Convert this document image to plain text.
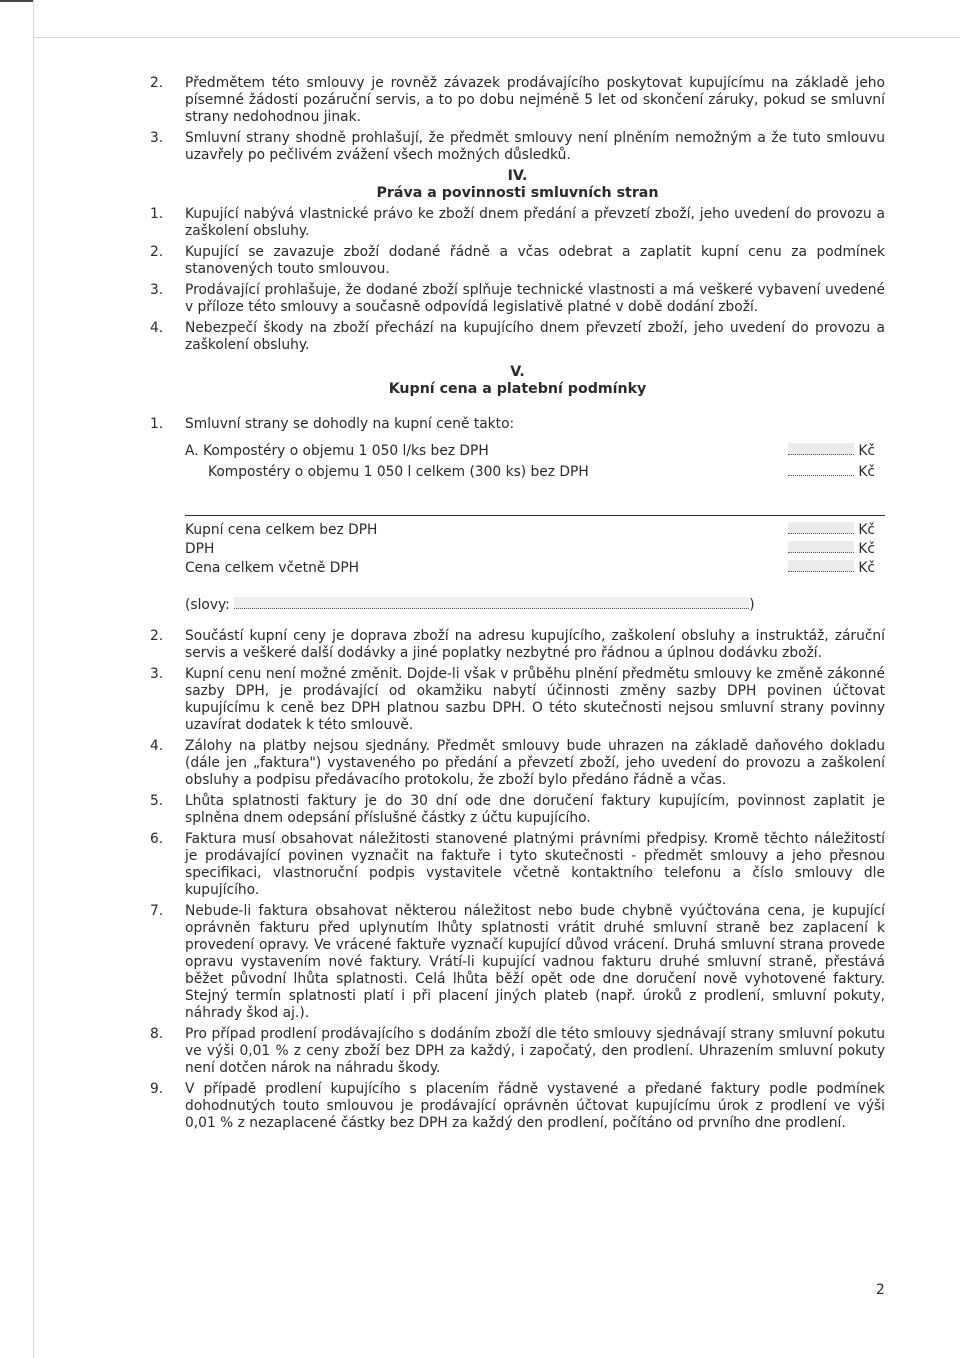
2.	Předmětem této smlouvy je rovněž závazek prodávajícího poskytovat kupujícímu na základě jeho písemné žádosti pozáruční servis, a to po dobu nejméně 5 let od skončení záruky, pokud se smluvní strany nedohodnou jinak.
3.	Smluvní strany shodně prohlašují, že předmět smlouvy není plněním nemožným a že tuto smlouvu uzavřely po pečlivém zvážení všech možných důsledků.

IV.

Práva a povinnosti smluvních stran

1.	Kupující nabývá vlastnické právo ke zboží dnem předání a převzetí zboží, jeho uvedení do provozu a zaškolení obsluhy.
2.	Kupující se zavazuje zboží dodané řádně a včas odebrat a zaplatit kupní cenu za podmínek stanovených touto smlouvou.
3.	Prodávající prohlašuje, že dodané zboží splňuje technické vlastnosti a má veškeré vybavení uvedené v příloze této smlouvy a současně odpovídá legislativě platné v době dodání zboží.
4.	Nebezpečí škody na zboží přechází na kupujícího dnem převzetí zboží, jeho uvedení do provozu a zaškolení obsluhy.

V.

Kupní cena a platební podmínky

1.	Smluvní strany se dohodly na kupní ceně takto:
A. Kompostéry o objemu 1 050 l/ks bez DPH	Kč
Kompostéry o objemu 1 050 l celkem (300 ks) bez DPH	Kč
Kupní cena celkem bez DPH	Kč
DPH	Kč
Cena celkem včetně DPH	Kč
(slovy:	)
2.	Součástí kupní ceny je doprava zboží na adresu kupujícího, zaškolení obsluhy a instruktáž, záruční servis a veškeré další dodávky a jiné poplatky nezbytné pro řádnou a úplnou dodávku zboží.
3.	Kupní cenu není možné změnit. Dojde-li však v průběhu plnění předmětu smlouvy ke změně zákonné sazby DPH, je prodávající od okamžiku nabytí účinnosti změny sazby DPH povinen účtovat kupujícímu k ceně bez DPH platnou sazbu DPH. O této skutečnosti nejsou smluvní strany povinny uzavírat dodatek k této smlouvě.
4.	Zálohy na platby nejsou sjednány. Předmět smlouvy bude uhrazen na základě daňového dokladu (dále jen „faktura") vystaveného po předání a převzetí zboží, jeho uvedení do provozu a zaškolení obsluhy a podpisu předávacího protokolu, že zboží bylo předáno řádně a včas.
5.	Lhůta splatnosti faktury je do 30 dní ode dne doručení faktury kupujícím, povinnost zaplatit je splněna dnem odepsání příslušné částky z účtu kupujícího.
6.	Faktura musí obsahovat náležitosti stanovené platnými právními předpisy. Kromě těchto náležitostí je prodávající povinen vyznačit na faktuře i tyto skutečnosti - předmět smlouvy a jeho přesnou specifikaci, vlastnoruční podpis vystavitele včetně kontaktního telefonu a číslo smlouvy dle kupujícího.
7.	Nebude-li faktura obsahovat některou náležitost nebo bude chybně vyúčtována cena, je kupující oprávněn fakturu před uplynutím lhůty splatnosti vrátit druhé smluvní straně bez zaplacení k provedení opravy. Ve vrácené faktuře vyznačí kupující důvod vrácení. Druhá smluvní strana provede opravu vystavením nové faktury. Vrátí-li kupující vadnou fakturu druhé smluvní straně, přestává běžet původní lhůta splatnosti. Celá lhůta běží opět ode dne doručení nově vyhotovené faktury. Stejný termín splatnosti platí i při placení jiných plateb (např. úroků z prodlení, smluvní pokuty, náhrady škod aj.).
8.	Pro případ prodlení prodávajícího s dodáním zboží dle této smlouvy sjednávají strany smluvní pokutu ve výši 0,01 % z ceny zboží bez DPH za každý, i započatý, den prodlení. Uhrazením smluvní pokuty není dotčen nárok na náhradu škody.
9.	V případě prodlení kupujícího s placením řádně vystavené a předané faktury podle podmínek dohodnutých touto smlouvou je prodávající oprávněn účtovat kupujícímu úrok z prodlení ve výši 0,01 % z nezaplacené částky bez DPH za každý den prodlení, počítáno od prvního dne prodlení.
2
